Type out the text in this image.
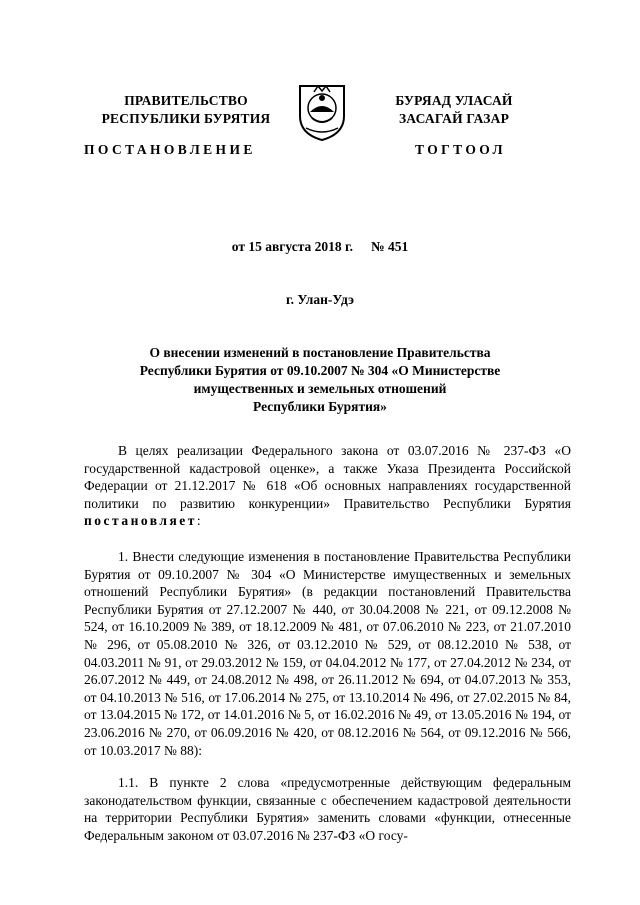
ПРАВИТЕЛЬСТВО
РЕСПУБЛИКИ БУРЯТИЯ
БУРЯАД УЛАСАЙ
ЗАСАГАЙ ГАЗАР
ПОСТАНОВЛЕНИЕ	ТОГТООЛ
от 15 августа 2018 г. № 451
г. Улан-Удэ
О внесении изменений в постановление Правительства
Республики Бурятия от 09.10.2007 № 304 «О Министерстве
имущественных и земельных отношений
Республики Бурятия»

В целях реализации Федерального закона от 03.07.2016 № 237-ФЗ «О государственной кадастровой оценке», а также Указа Президента Российской Федерации от 21.12.2017 № 618 «Об основных направлениях государственной политики по развитию конкуренции» Правительство Республики Бурятия постановляет:

1. Внести следующие изменения в постановление Правительства Республики Бурятия от 09.10.2007 № 304 «О Министерстве имущественных и земельных отношений Республики Бурятия» (в редакции постановлений Правительства Республики Бурятия от 27.12.2007 № 440, от 30.04.2008 № 221, от 09.12.2008 № 524, от 16.10.2009 № 389, от 18.12.2009 № 481, от 07.06.2010 № 223, от 21.07.2010 № 296, от 05.08.2010 № 326, от 03.12.2010 № 529, от 08.12.2010 № 538, от 04.03.2011 № 91, от 29.03.2012 № 159, от 04.04.2012 № 177, от 27.04.2012 № 234, от 26.07.2012 № 449, от 24.08.2012 № 498, от 26.11.2012 № 694, от 04.07.2013 № 353, от 04.10.2013 № 516, от 17.06.2014 № 275, от 13.10.2014 № 496, от 27.02.2015 № 84, от 13.04.2015 № 172, от 14.01.2016 № 5, от 16.02.2016 № 49, от 13.05.2016 № 194, от 23.06.2016 № 270, от 06.09.2016 № 420, от 08.12.2016 № 564, от 09.12.2016 № 566, от 10.03.2017 № 88):

1.1. В пункте 2 слова «предусмотренные действующим федеральным законодательством функции, связанные с обеспечением кадастровой деятельности на территории Республики Бурятия» заменить словами «функции, отнесенные Федеральным законом от 03.07.2016 № 237-ФЗ «О госу-
